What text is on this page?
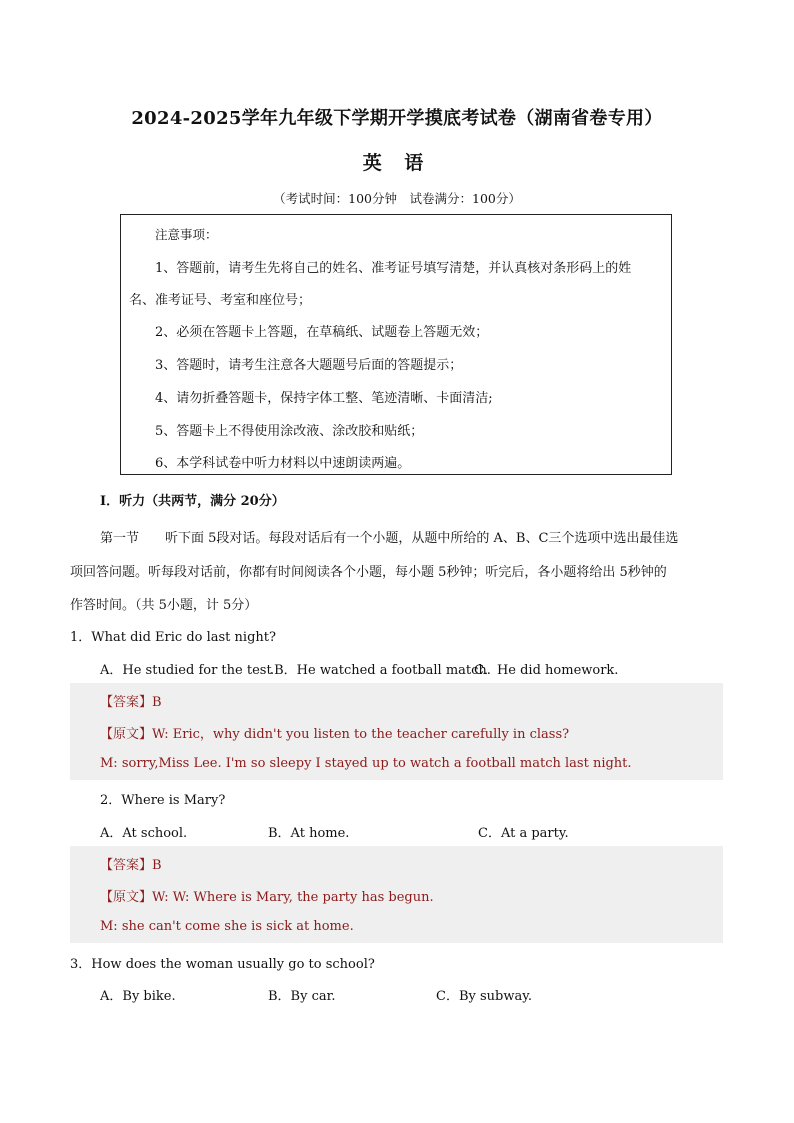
2024-2025学年九年级下学期开学摸底考试卷（湖南省卷专用）
英 语
（考试时间：100分钟　试卷满分：100分）
注意事项：
1、答题前，请考生先将自己的姓名、准考证号填写清楚，并认真核对条形码上的姓
名、准考证号、考室和座位号；
2、必须在答题卡上答题，在草稿纸、试题卷上答题无效；
3、答题时，请考生注意各大题题号后面的答题提示；
4、请勿折叠答题卡，保持字体工整、笔迹清晰、卡面清洁;
5、答题卡上不得使用涂改液、涂改胶和贴纸；
6、本学科试卷中听力材料以中速朗读两遍。
I．听力（共两节，满分 20分）
第一节　　听下面 5段对话。每段对话后有一个小题，从题中所给的 A、B、C三个选项中选出最佳选
项回答问题。听每段对话前，你都有时间阅读各个小题，每小题 5秒钟；听完后，各小题将给出 5秒钟的
作答时间。（共 5小题，计 5分）
1．What did Eric do last night?
A．He studied for the test
.B．He watched a football match.
C．He did homework.
【答案】B
【原文】W: Eric，why didn't you listen to the teacher carefully in class?
M: sorry,Miss Lee. I'm so sleepy I stayed up to watch a football match last night.
2．Where is Mary?
A．At school.	B．At home.	C．At a party.
【答案】B
【原文】W: W: Where is Mary, the party has begun.
M: she can't come she is sick at home.
3．How does the woman usually go to school?
A．By bike.	B．By car.	C．By subway.
